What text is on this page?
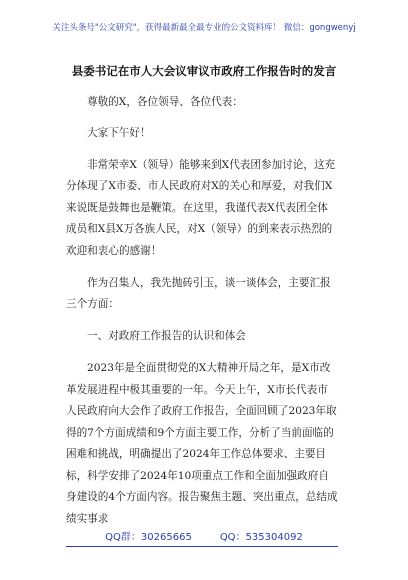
关注头条号"公文研究"，获得最新最全最专业的公文资料库！ 微信：gongwenyj
县委书记在市人大会议审议市政府工作报告时的发言

尊敬的X，各位领导、各位代表：

大家下午好！

非常荣幸X（领导）能够来到X代表团参加讨论，这充分体现了X市委、市人民政府对X的关心和厚爱，对我们X来说既是鼓舞也是鞭策。在这里，我谨代表X代表团全体成员和X县X万各族人民，对X（领导）的到来表示热烈的欢迎和衷心的感谢！

作为召集人，我先抛砖引玉，谈一谈体会，主要汇报三个方面：

一、对政府工作报告的认识和体会

2023年是全面贯彻党的X大精神开局之年，是X市改革发展进程中极其重要的一年。今天上午，X市长代表市人民政府向大会作了政府工作报告，全面回顾了2023年取得的7个方面成绩和9个方面主要工作，分析了当前面临的困难和挑战，明确提出了2024年工作总体要求、主要目标，科学安排了2024年10项重点工作和全面加强政府自身建设的4个方面内容。报告聚焦主题、突出重点，总结成绩实事求

QQ群：30265665	QQ：535304092
